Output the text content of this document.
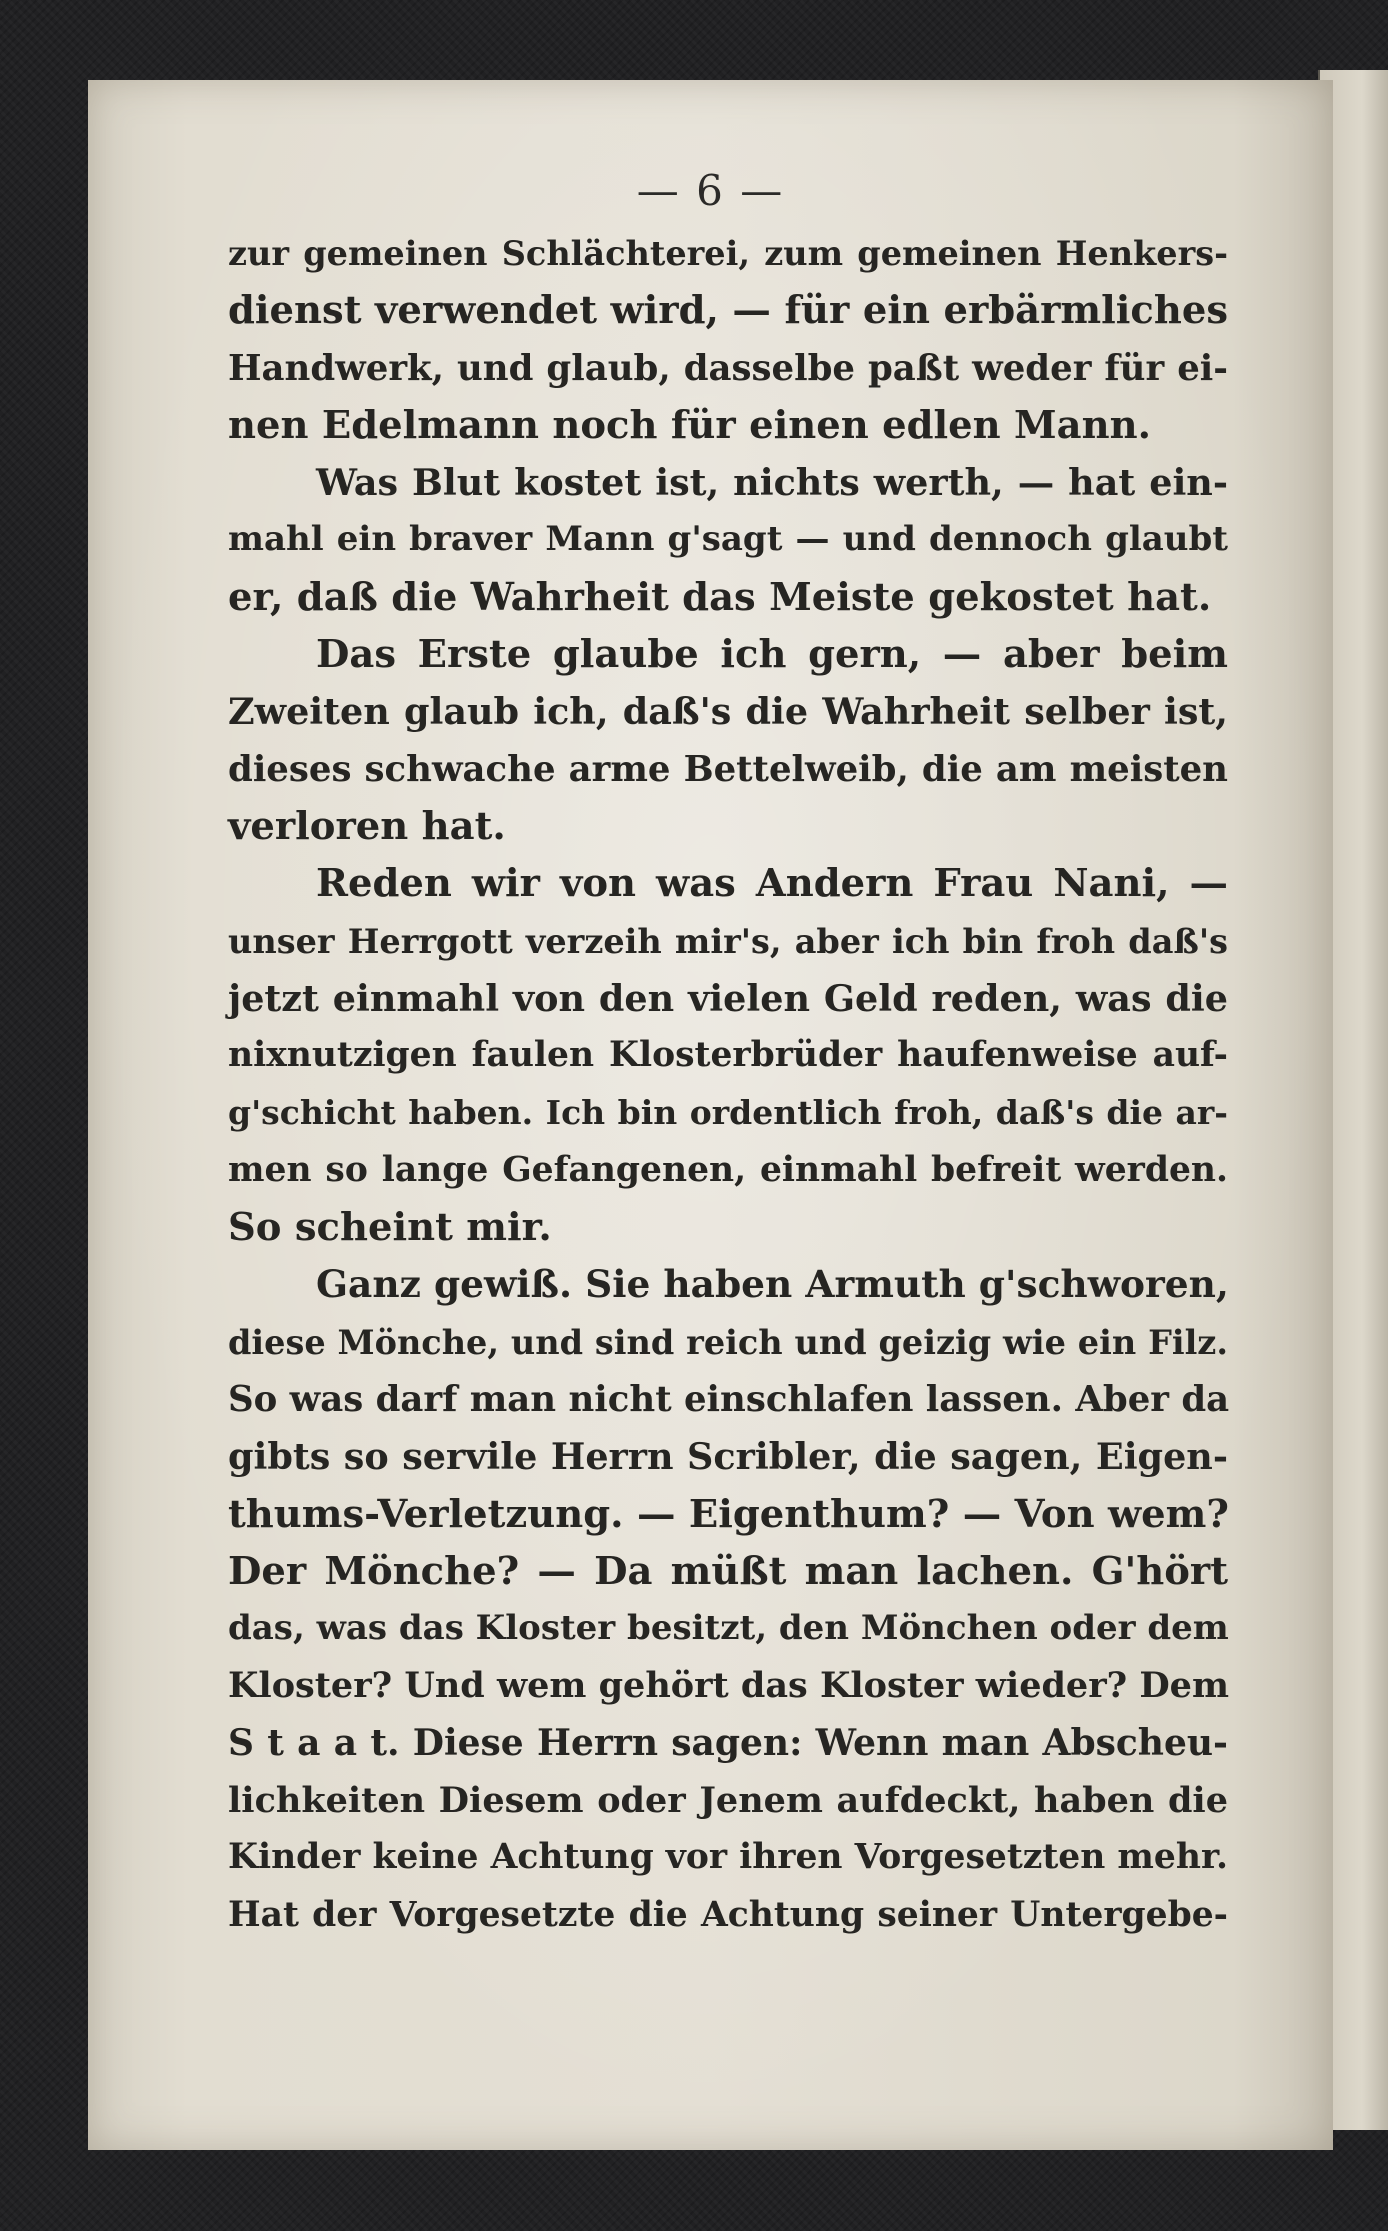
— 6 —
zur gemeinen Schlächterei, zum gemeinen Henkers-
dienst verwendet wird, — für ein erbärmliches
Handwerk, und glaub, dasselbe paßt weder für ei-
nen Edelmann noch für einen edlen Mann.
Was Blut kostet ist, nichts werth, — hat ein-
mahl ein braver Mann g'sagt — und dennoch glaubt
er, daß die Wahrheit das Meiste gekostet hat.
Das Erste glaube ich gern, — aber beim
Zweiten glaub ich, daß's die Wahrheit selber ist,
dieses schwache arme Bettelweib, die am meisten
verloren hat.
Reden wir von was Andern Frau Nani, —
unser Herrgott verzeih mir's, aber ich bin froh daß's
jetzt einmahl von den vielen Geld reden, was die
nixnutzigen faulen Klosterbrüder haufenweise auf-
g'schicht haben. Ich bin ordentlich froh, daß's die ar-
men so lange Gefangenen, einmahl befreit werden.
So scheint mir.
Ganz gewiß. Sie haben Armuth g'schworen,
diese Mönche, und sind reich und geizig wie ein Filz.
So was darf man nicht einschlafen lassen. Aber da
gibts so servile Herrn Scribler, die sagen, Eigen-
thums-Verletzung. — Eigenthum? — Von wem?
Der Mönche? — Da müßt man lachen. G'hört
das, was das Kloster besitzt, den Mönchen oder dem
Kloster? Und wem gehört das Kloster wieder? Dem
S t a a t. Diese Herrn sagen: Wenn man Abscheu-
lichkeiten Diesem oder Jenem aufdeckt, haben die
Kinder keine Achtung vor ihren Vorgesetzten mehr.
Hat der Vorgesetzte die Achtung seiner Untergebe-
